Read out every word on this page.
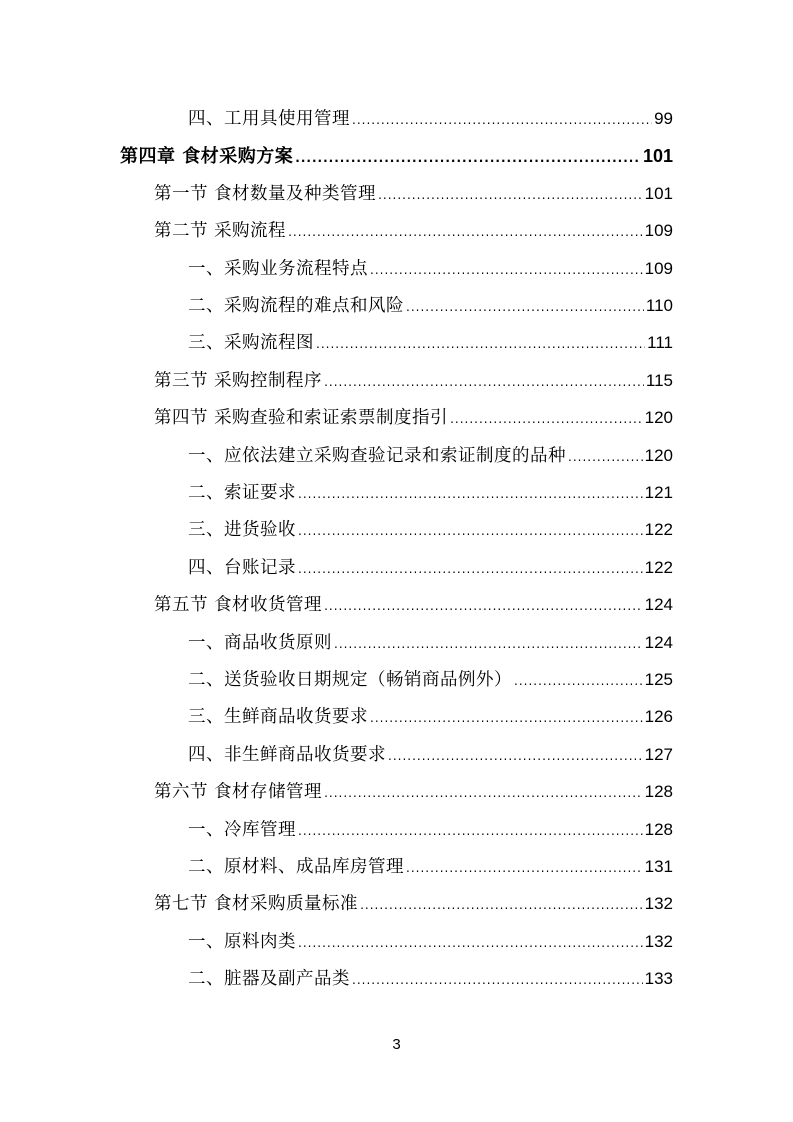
四、工用具使用管理 .....	99
第四章 食材采购方案 .....	101
第一节 食材数量及种类管理 .....	101
第二节 采购流程 .....	109
一、采购业务流程特点 .....	109
二、采购流程的难点和风险 .....	110
三、采购流程图 .....	111
第三节 采购控制程序 .....	115
第四节 采购查验和索证索票制度指引 .....	120
一、应依法建立采购查验记录和索证制度的品种 .....	120
二、索证要求 .....	121
三、进货验收 .....	122
四、台账记录 .....	122
第五节 食材收货管理 .....	124
一、商品收货原则 .....	124
二、送货验收日期规定（畅销商品例外） .....	125
三、生鲜商品收货要求 .....	126
四、非生鲜商品收货要求 .....	127
第六节 食材存储管理 .....	128
一、冷库管理 .....	128
二、原材料、成品库房管理 .....	131
第七节 食材采购质量标准 .....	132
一、原料肉类 .....	132
二、脏器及副产品类 .....	133
3
